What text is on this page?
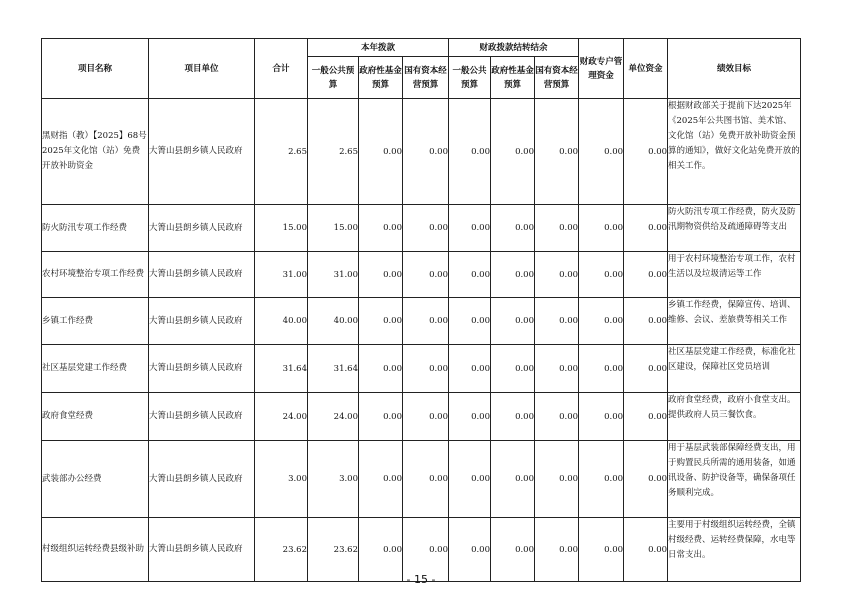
项目名称	项目单位	合计	本年拨款			财政拨款结转结余			财政专户管理资金	单位资金	绩效目标
			一般公共预算	政府性基金预算	国有资本经营预算	一般公共预算	政府性基金预算	国有资本经营预算			
黑财指（教）【2025】68号2025年文化馆（站）免费开放补助资金	大箐山县朗乡镇人民政府	2.65	2.65	0.00	0.00	0.00	0.00	0.00	0.00	0.00	根据财政部关于提前下达2025年《2025年公共图书馆、美术馆、文化馆（站）免费开放补助资金预算的通知》，做好文化站免费开放的相关工作。
防火防汛专项工作经费	大箐山县朗乡镇人民政府	15.00	15.00	0.00	0.00	0.00	0.00	0.00	0.00	0.00	防火防汛专项工作经费，防火及防汛期物资供给及疏通障碍等支出
农村环境整治专项工作经费	大箐山县朗乡镇人民政府	31.00	31.00	0.00	0.00	0.00	0.00	0.00	0.00	0.00	用于农村环境整治专项工作，农村生活以及垃圾清运等工作
乡镇工作经费	大箐山县朗乡镇人民政府	40.00	40.00	0.00	0.00	0.00	0.00	0.00	0.00	0.00	乡镇工作经费，保障宣传、培训、维修、会议、差旅费等相关工作
社区基层党建工作经费	大箐山县朗乡镇人民政府	31.64	31.64	0.00	0.00	0.00	0.00	0.00	0.00	0.00	社区基层党建工作经费，标准化社区建设，保障社区党员培训
政府食堂经费	大箐山县朗乡镇人民政府	24.00	24.00	0.00	0.00	0.00	0.00	0.00	0.00	0.00	政府食堂经费，政府小食堂支出。提供政府人员三餐饮食。
武装部办公经费	大箐山县朗乡镇人民政府	3.00	3.00	0.00	0.00	0.00	0.00	0.00	0.00	0.00	用于基层武装部保障经费支出，用于购置民兵所需的通用装备，如通讯设备、防护设备等，确保备项任务顺利完成。
村级组织运转经费县级补助	大箐山县朗乡镇人民政府	23.62	23.62	0.00	0.00	0.00	0.00	0.00	0.00	0.00	主要用于村级组织运转经费，全镇村级经费、运转经费保障，水电等日常支出。
- 15 -
